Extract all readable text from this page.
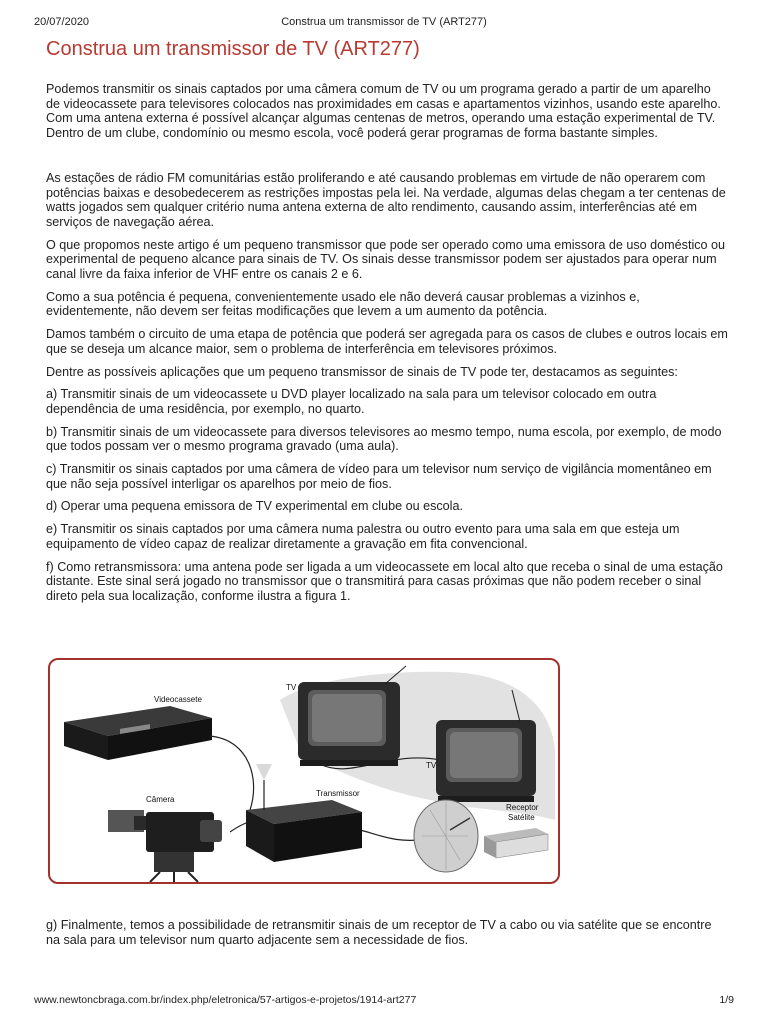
20/07/2020	Construa um transmissor de TV (ART277)
Construa um transmissor de TV (ART277)

Podemos transmitir os sinais captados por uma câmera comum de TV ou um programa gerado a partir de um aparelho de videocassete para televisores colocados nas proximidades em casas e apartamentos vizinhos, usando este aparelho. Com uma antena externa é possível alcançar algumas centenas de metros, operando uma estação experimental de TV. Dentro de um clube, condomínio ou mesmo escola, você poderá gerar programas de forma bastante simples.

As estações de rádio FM comunitárias estão proliferando e até causando problemas em virtude de não operarem com potências baixas e desobedecerem as restrições impostas pela lei. Na verdade, algumas delas chegam a ter centenas de watts jogados sem qualquer critério numa antena externa de alto rendimento, causando assim, interferências até em serviços de navegação aérea.

O que propomos neste artigo é um pequeno transmissor que pode ser operado como uma emissora de uso doméstico ou experimental de pequeno alcance para sinais de TV. Os sinais desse transmissor podem ser ajustados para operar num canal livre da faixa inferior de VHF entre os canais 2 e 6.

Como a sua potência é pequena, convenientemente usado ele não deverá causar problemas a vizinhos e, evidentemente, não devem ser feitas modificações que levem a um aumento da potência.

Damos também o circuito de uma etapa de potência que poderá ser agregada para os casos de clubes e outros locais em que se deseja um alcance maior, sem o problema de interferência em televisores próximos.

Dentre as possíveis aplicações que um pequeno transmissor de sinais de TV pode ter, destacamos as seguintes:

a) Transmitir sinais de um videocassete u DVD player localizado na sala para um televisor colocado em outra dependência de uma residência, por exemplo, no quarto.

b) Transmitir sinais de um videocassete para diversos televisores ao mesmo tempo, numa escola, por exemplo, de modo que todos possam ver o mesmo programa gravado (uma aula).

c) Transmitir os sinais captados por uma câmera de vídeo para um televisor num serviço de vigilância momentâneo em que não seja possível interligar os aparelhos por meio de fios.

d) Operar uma pequena emissora de TV experimental em clube ou escola.

e) Transmitir os sinais captados por uma câmera numa palestra ou outro evento para uma sala em que esteja um equipamento de vídeo capaz de realizar diretamente a gravação em fita convencional.

f) Como retransmissora: uma antena pode ser ligada a um videocassete em local alto que receba o sinal de uma estação distante. Este sinal será jogado no transmissor que o transmitirá para casas próximas que não podem receber o sinal direto pela sua localização, conforme ilustra a figura 1.

Videocassete
TV
TV
Câmera
Transmissor
Receptor
Satélite

g) Finalmente, temos a possibilidade de retransmitir sinais de um receptor de TV a cabo ou via satélite que se encontre na sala para um televisor num quarto adjacente sem a necessidade de fios.

www.newtoncbraga.com.br/index.php/eletronica/57-artigos-e-projetos/1914-art277	1/9
